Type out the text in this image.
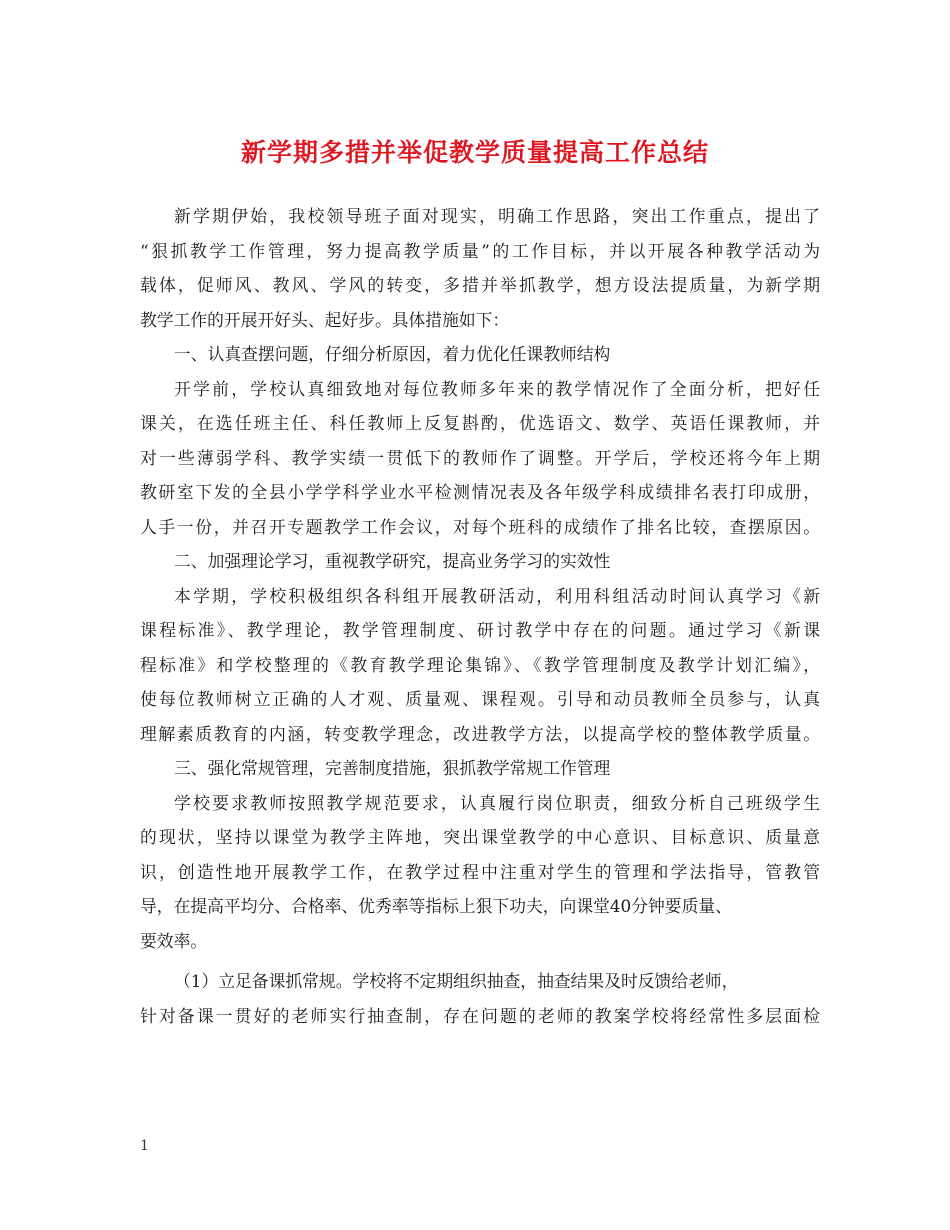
新学期多措并举促教学质量提高工作总结
新学期伊始，我校领导班子面对现实，明确工作思路，突出工作重点，提出了
“狠抓教学工作管理，努力提高教学质量”的工作目标，并以开展各种教学活动为
载体，促师风、教风、学风的转变，多措并举抓教学，想方设法提质量，为新学期
教学工作的开展开好头、起好步。具体措施如下：
一、认真查摆问题，仔细分析原因，着力优化任课教师结构
开学前，学校认真细致地对每位教师多年来的教学情况作了全面分析，把好任
课关，在选任班主任、科任教师上反复斟酌，优选语文、数学、英语任课教师，并
对一些薄弱学科、教学实绩一贯低下的教师作了调整。开学后，学校还将今年上期
教研室下发的全县小学学科学业水平检测情况表及各年级学科成绩排名表打印成册，
人手一份，并召开专题教学工作会议，对每个班科的成绩作了排名比较，查摆原因。
二、加强理论学习，重视教学研究，提高业务学习的实效性
本学期，学校积极组织各科组开展教研活动，利用科组活动时间认真学习《新
课程标准》、教学理论，教学管理制度、研讨教学中存在的问题。通过学习《新课
程标准》和学校整理的《教育教学理论集锦》、《教学管理制度及教学计划汇编》，
使每位教师树立正确的人才观、质量观、课程观。引导和动员教师全员参与，认真
理解素质教育的内涵，转变教学理念，改进教学方法，以提高学校的整体教学质量。
三、强化常规管理，完善制度措施，狠抓教学常规工作管理
学校要求教师按照教学规范要求，认真履行岗位职责，细致分析自己班级学生
的现状，坚持以课堂为教学主阵地，突出课堂教学的中心意识、目标意识、质量意
识，创造性地开展教学工作，在教学过程中注重对学生的管理和学法指导，管教管
导，在提高平均分、合格率、优秀率等指标上狠下功夫，向课堂40分钟要质量、
要效率。
（1）立足备课抓常规。学校将不定期组织抽查，抽查结果及时反馈给老师，
针对备课一贯好的老师实行抽查制，存在问题的老师的教案学校将经常性多层面检
1
